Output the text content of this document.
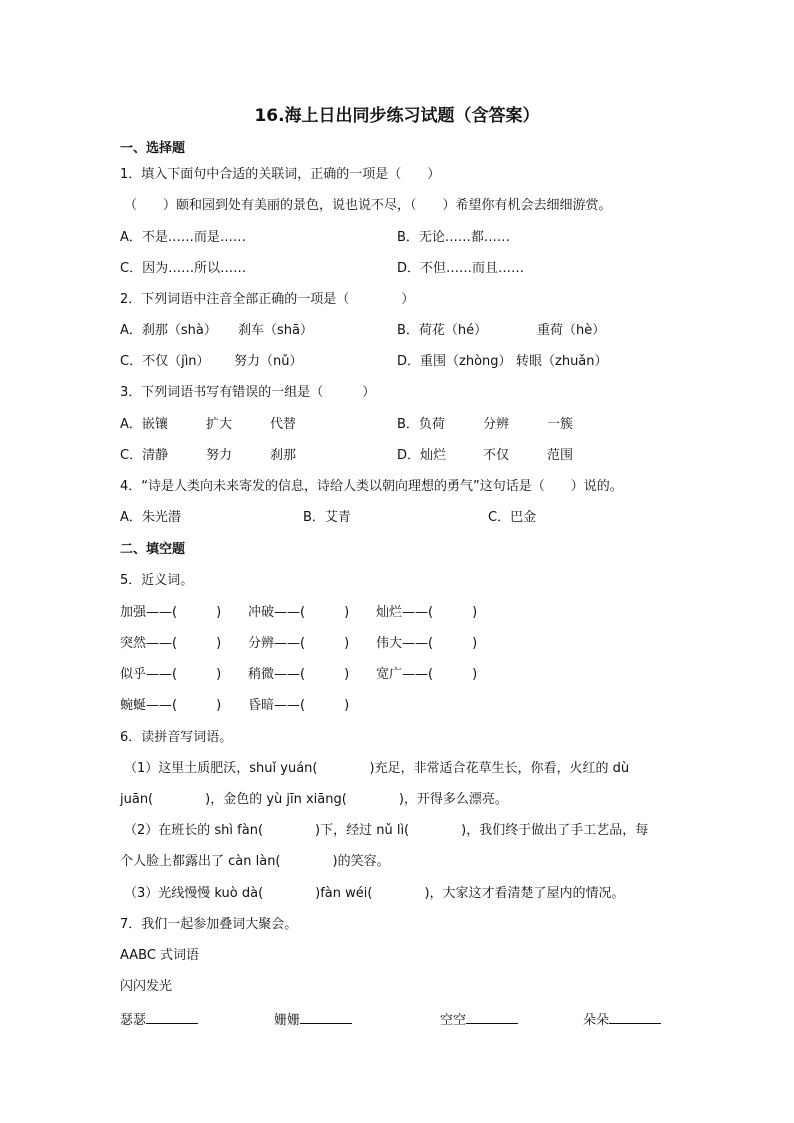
16.海上日出同步练习试题（含答案）
一、选择题
1．填入下面句中合适的关联词，正确的一项是（　　）
（　　）颐和园到处有美丽的景色，说也说不尽，（　　）希望你有机会去细细游赏。
A．不是……而是……	B．无论……都……
C．因为……所以……	D．不但……而且……
2．下列词语中注音全部正确的一项是（　　　　）
A．刹那（shà） 刹车（shā）	B．荷花（hé）	重荷（hè）
C．不仅（jìn） 努力（nǔ）	D．重围（zhòng） 转眼（zhuǎn）
3．下列词语书写有错误的一组是（　　　）
A．嵌镶	扩大	代替	B．负荷	分辨	一簇
C．清静	努力	刹那	D．灿烂	不仅	范围
4．“诗是人类向未来寄发的信息，诗给人类以朝向理想的勇气”这句话是（　　）说的。
A．朱光潜	B．艾青	C．巴金
二、填空题
5．近义词。
加强——(　　　) 冲破——(　　　) 灿烂——(　　　)
突然——(　　　) 分辨——(　　　) 伟大——(　　　)
似乎——(　　　) 稍微——(　　　) 宽广——(　　　)
蜿蜒——(　　　) 昏暗——(　　　)
6．读拼音写词语。
（1）这里土质肥沃，shuǐ yuán(　　　　)充足，非常适合花草生长，你看，火红的 dù
juān(　　　　)，金色的 yù jīn xiāng(　　　　)，开得多么漂亮。
（2）在班长的 shì fàn(　　　　)下，经过 nǔ lì(　　　　)，我们终于做出了手工艺品，每
个人脸上都露出了 càn làn(　　　　)的笑容。
（3）光线慢慢 kuò dà(　　　　)fàn wéi(　　　　)，大家这才看清楚了屋内的情况。
7．我们一起参加叠词大聚会。
AABC 式词语
闪闪发光
瑟瑟	姗姗	空空	朵朵
